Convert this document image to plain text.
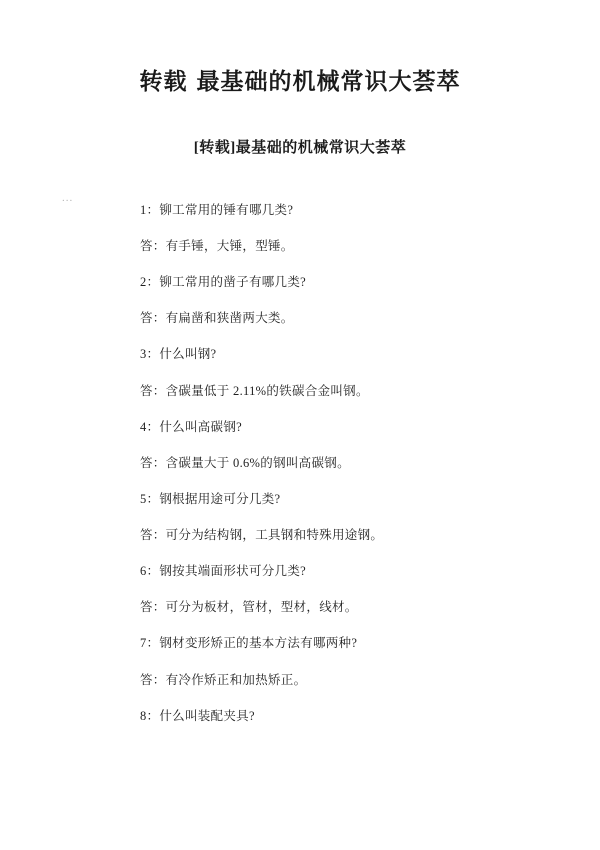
转载 最基础的机械常识大荟萃
[转载]最基础的机械常识大荟萃
...

1：铆工常用的锤有哪几类?

答：有手锤，大锤，型锤。

2：铆工常用的凿子有哪几类?

答：有扁凿和狭凿两大类。

3：什么叫钢?

答：含碳量低于 2.11%的铁碳合金叫钢。

4：什么叫高碳钢?

答：含碳量大于 0.6%的钢叫高碳钢。

5：钢根据用途可分几类?

答：可分为结构钢，工具钢和特殊用途钢。

6：钢按其端面形状可分几类?

答：可分为板材，管材，型材，线材。

7：钢材变形矫正的基本方法有哪两种?

答：有冷作矫正和加热矫正。

8：什么叫装配夹具?
